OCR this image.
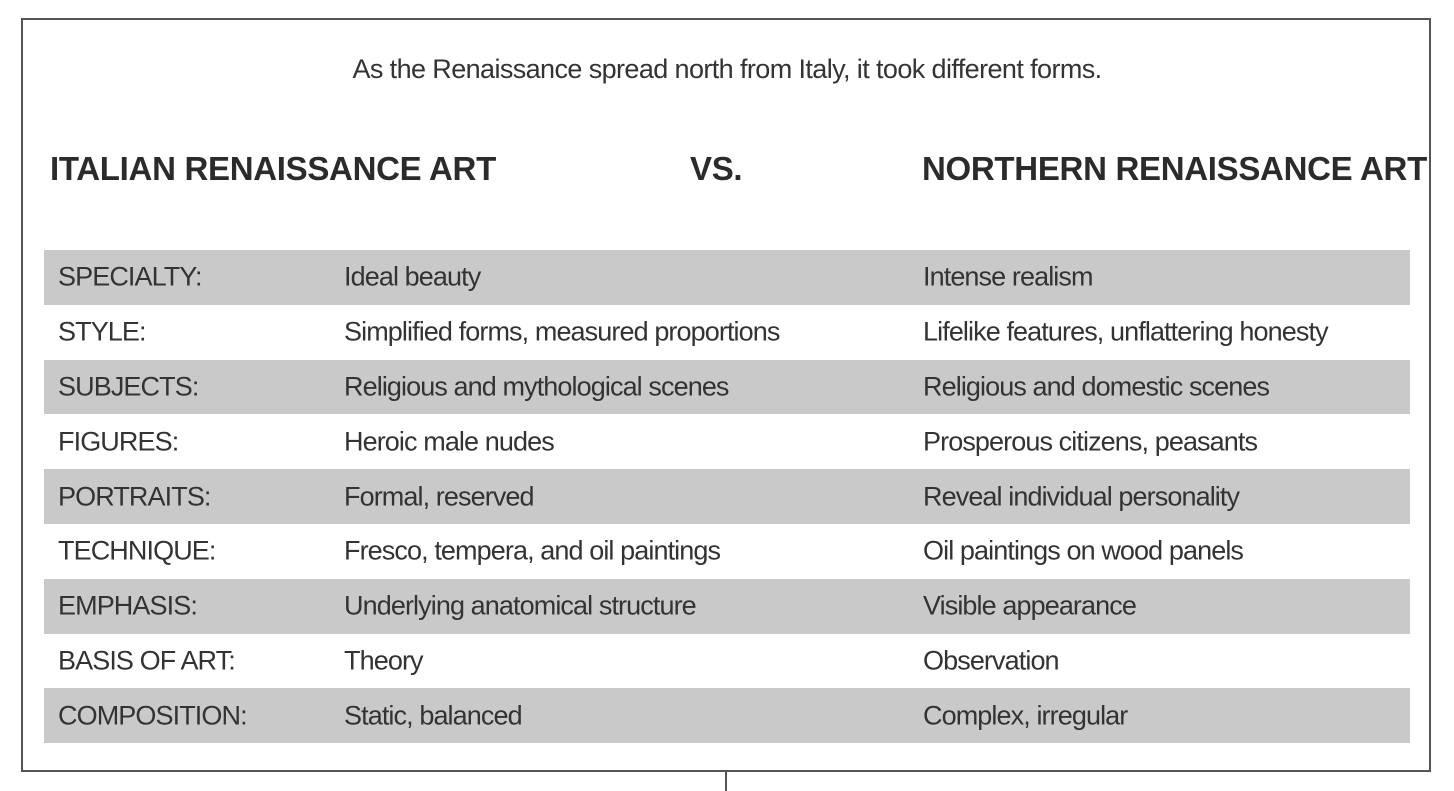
As the Renaissance spread north from Italy, it took different forms.
ITALIAN RENAISSANCE ART	VS.	NORTHERN RENAISSANCE ART
SPECIALTY:	Ideal beauty	Intense realism
STYLE:	Simplified forms, measured proportions	Lifelike features, unflattering honesty
SUBJECTS:	Religious and mythological scenes	Religious and domestic scenes
FIGURES:	Heroic male nudes	Prosperous citizens, peasants
PORTRAITS:	Formal, reserved	Reveal individual personality
TECHNIQUE:	Fresco, tempera, and oil paintings	Oil paintings on wood panels
EMPHASIS:	Underlying anatomical structure	Visible appearance
BASIS OF ART:	Theory	Observation
COMPOSITION:	Static, balanced	Complex, irregular
